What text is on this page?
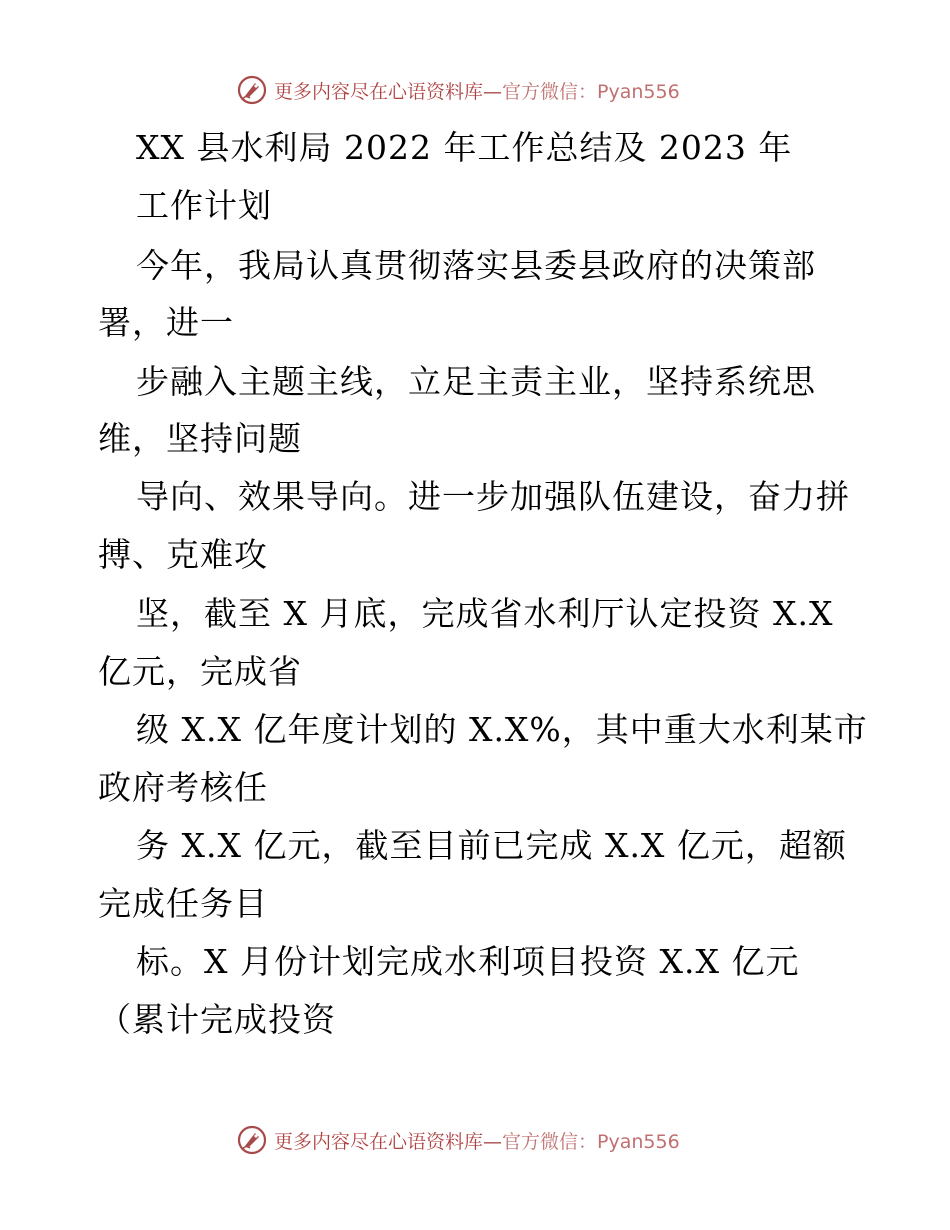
更多内容尽在心语资料库—官方微信：Pyan556
XX 县水利局 2022 年工作总结及 2023 年
工作计划
今年，我局认真贯彻落实县委县政府的决策部
署，进一
步融入主题主线，立足主责主业，坚持系统思
维，坚持问题
导向、效果导向。进一步加强队伍建设，奋力拼
搏、克难攻
坚，截至 X 月底，完成省水利厅认定投资 X.X
亿元，完成省
级 X.X 亿年度计划的 X.X%，其中重大水利某市
政府考核任
务 X.X 亿元，截至目前已完成 X.X 亿元，超额
完成任务目
标。X 月份计划完成水利项目投资 X.X 亿元
（累计完成投资
更多内容尽在心语资料库—官方微信：Pyan556
